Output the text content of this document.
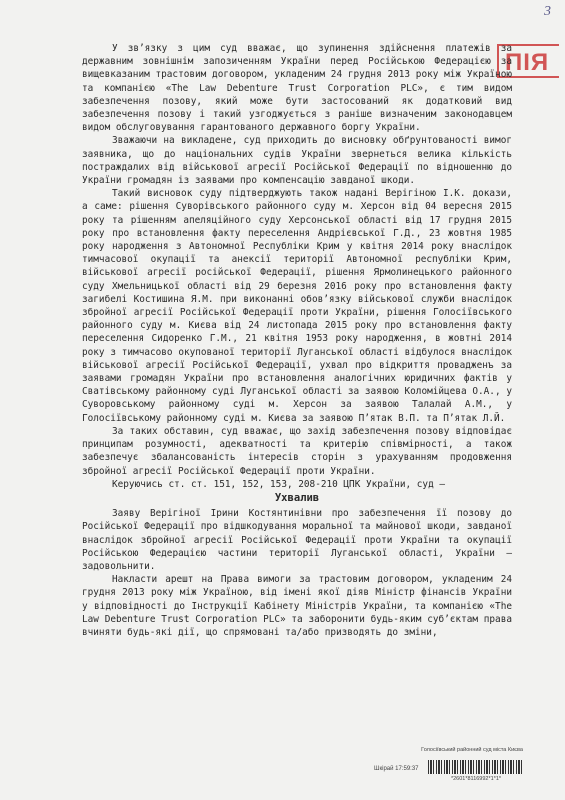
3
ПІЯ

У зв’язку з цим суд вважає, що зупинення здійснення платежів за державним зовнішнім запозиченням України перед Російською Федерацією за вищевказаним трастовим договором, укладеним 24 грудня 2013 року між Україною та компанією «The Law Debenture Trust Corporation PLC», є тим видом забезпечення позову, який може бути застосований як додатковий вид забезпечення позову і такий узгоджується з раніше визначеним законодавцем видом обслуговування гарантованого державного боргу України.

Зважаючи на викладене, суд приходить до висновку обґрунтованості вимог заявника, що до національних судів України звернеться велика кількість постраждалих від військової агресії Російської Федерації по відношенню до України громадян із заявами про компенсацію завданої шкоди.

Такий висновок суду підтверджують також надані Верігіною І.К. докази, а саме: рішення Суворівського районного суду м. Херсон від 04 вересня 2015 року та рішенням апеляційного суду Херсонської області від 17 грудня 2015 року про встановлення факту переселення Андрієвської Г.Д., 23 жовтня 1985 року народження з Автономної Республіки Крим у квітня 2014 року внаслідок тимчасової окупації та анексії території Автономної республіки Крим, військової агресії російської Федерації, рішення Ярмолинецького районного суду Хмельницької області від 29 березня 2016 року про встановлення факту загибелі Костишина Я.М. при виконанні обов’язку військової служби внаслідок збройної агресії Російської Федерації проти України, рішення Голосіївського районного суду м. Києва від 24 листопада 2015 року про встановлення факту переселення Сидоренко Г.М., 21 квітня 1953 року народження, в жовтні 2014 року з тимчасово окупованої території Луганської області відбулося внаслідок військової агресії Російської Федерації, ухвал про відкриття провадженъ за заявами громадян України про встановлення аналогічних юридичних фактів у Сватівському районному суді Луганської області за заявою Коломійцева О.А., у Суворовському районному суді м. Херсон за заявою Талалай А.М., у Голосіївському районному суді м. Києва за заявою П’ятак В.П. та П’ятак Л.Й.

За таких обставин, суд вважає, що захід забезпечення позову відповідає принципам розумності, адекватності та критерію співмірності, а також забезпечує збалансованість інтересів сторін з урахуванням продовження збройної агресії Російської Федерації проти України.

Керуючись ст. ст. 151, 152, 153, 208-210 ЦПК України, суд –

Ухвалив

Заяву Верігіної Ірини Костянтинівни про забезпечення її позову до Російської Федерації про відшкодування моральної та майнової шкоди, завданої внаслідок збройної агресії Російської Федерації проти України та окупації Російською Федерацією частини території Луганської області, України – задовольнити.

Накласти арешт на Права вимоги за трастовим договором, укладеним 24 грудня 2013 року між Україною, від імені якої діяв Міністр фінансів України у відповідності до Інструкції Кабінету Міністрів України, та компанією «The Law Debenture Trust Corporation PLC» та заборонити будь-яким суб’єктам права вчиняти будь-які дії, що спрямовані та/або призводять до зміни,

Голосіївський районний суд міста Києва
Шкірай 17:59:37
*2601*8116992*1*1*
